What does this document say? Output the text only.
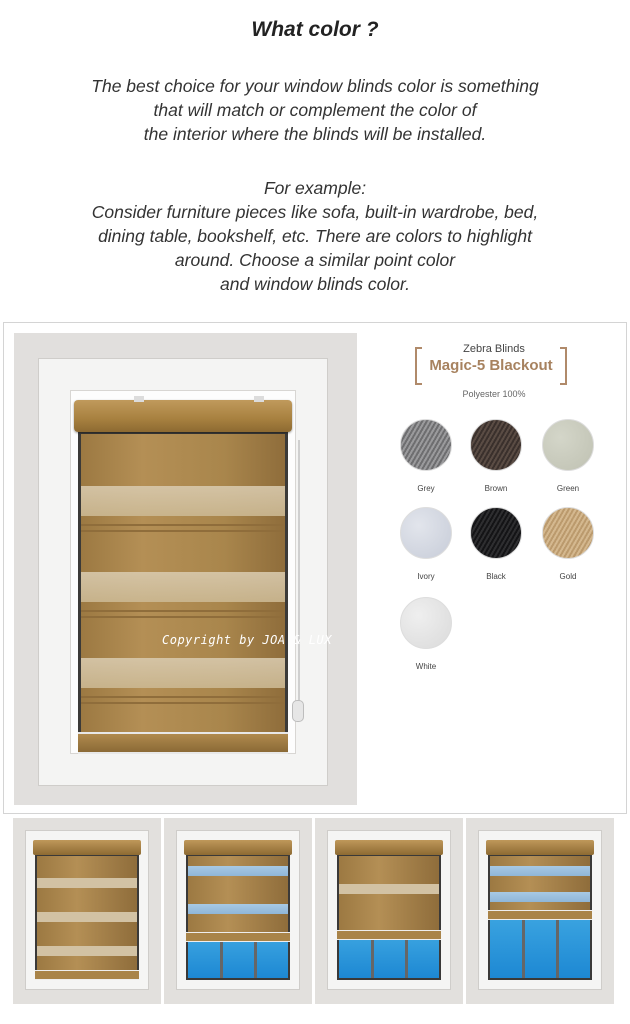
What color ?

The best choice for your window blinds color is something

that will match or complement the color of

the interior where the blinds will be installed.

For example:

Consider furniture pieces like sofa, built-in wardrobe, bed,

dining table, bookshelf, etc. There are colors to highlight

around. Choose a similar point color

and window blinds color.

Copyright by JOA & LUX
Zebra Blinds
Magic-5 Blackout
Polyester 100%
Grey	Brown	Green
Ivory	Black	Gold
White
